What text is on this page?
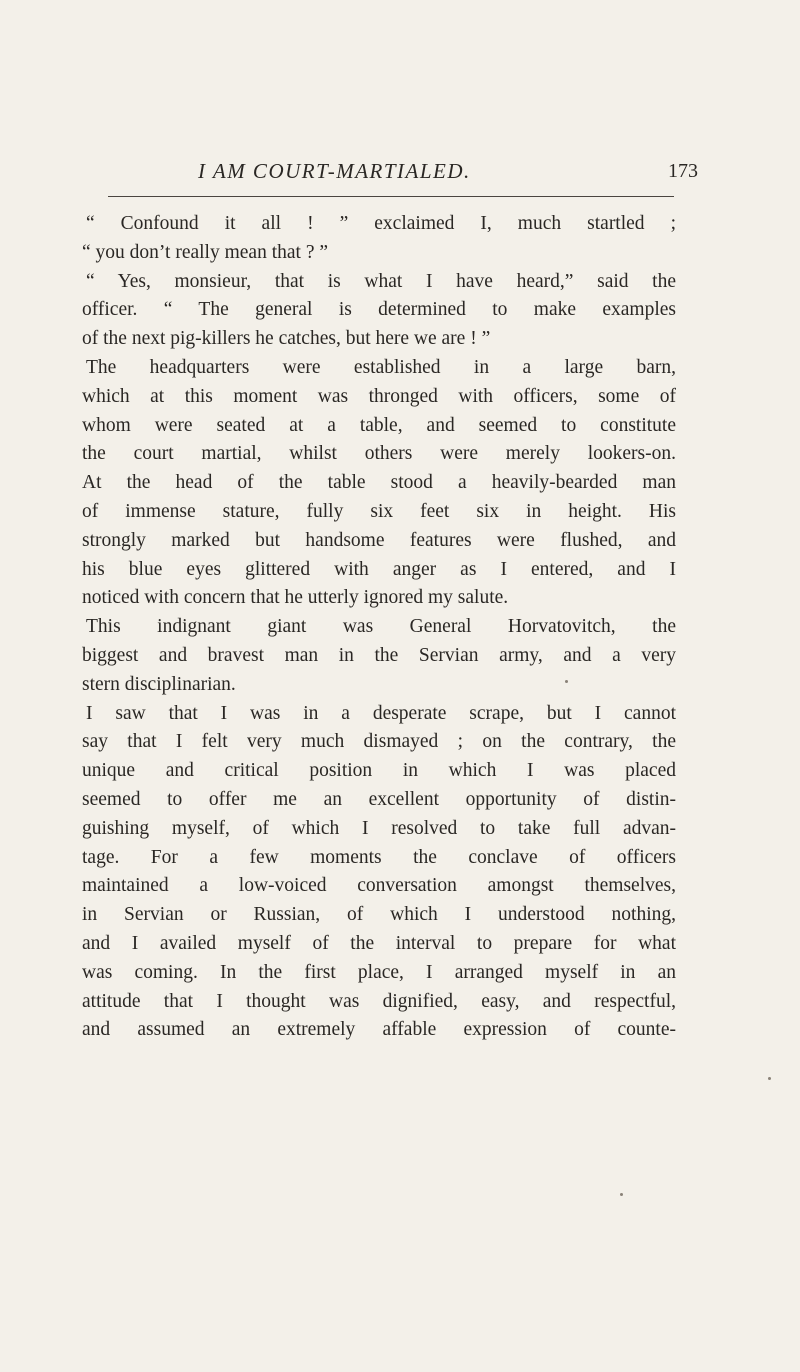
I AM COURT-MARTIALED.	173
“ Confound it all ! ” exclaimed I, much startled ;
“ you don’t really mean that ? ”
“ Yes, monsieur, that is what I have heard,” said the
officer. “ The general is determined to make examples
of the next pig-killers he catches, but here we are ! ”
The headquarters were established in a large barn,
which at this moment was thronged with officers, some of
whom were seated at a table, and seemed to constitute
the court martial, whilst others were merely lookers-on.
At the head of the table stood a heavily-bearded man
of immense stature, fully six feet six in height. His
strongly marked but handsome features were flushed, and
his blue eyes glittered with anger as I entered, and I
noticed with concern that he utterly ignored my salute.
This indignant giant was General Horvatovitch, the
biggest and bravest man in the Servian army, and a very
stern disciplinarian.
I saw that I was in a desperate scrape, but I cannot
say that I felt very much dismayed ; on the contrary, the
unique and critical position in which I was placed
seemed to offer me an excellent opportunity of distin-
guishing myself, of which I resolved to take full advan-
tage. For a few moments the conclave of officers
maintained a low-voiced conversation amongst themselves,
in Servian or Russian, of which I understood nothing,
and I availed myself of the interval to prepare for what
was coming. In the first place, I arranged myself in an
attitude that I thought was dignified, easy, and respectful,
and assumed an extremely affable expression of counte-
